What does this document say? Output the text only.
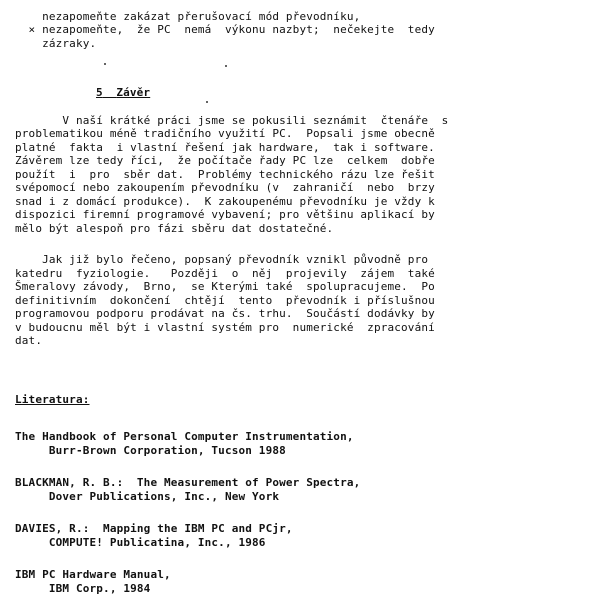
nezapomeňte zakázat přerušovací mód převodníku,
× nezapomeňte,  že PC  nemá  výkonu nazbyt;  nečekejte  tedy
zázraky.
5 Závěr
V naší krátké práci jsme se pokusili seznámit  čtenáře  s
problematikou méně tradičního využití PC.  Popsali jsme obecně
platné  fakta  i vlastní řešení jak hardware,  tak i software.
Závěrem lze tedy říci,  že počítače řady PC lze  celkem  dobře
použít  i  pro  sběr dat.  Problémy technického rázu lze řešit
svépomocí nebo zakoupením převodníku (v  zahraničí  nebo  brzy
snad i z domácí produkce).  K zakoupenému převodníku je vždy k
dispozici firemní programové vybavení; pro většinu aplikací by
mělo být alespoň pro fázi sběru dat dostatečné.
Jak již bylo řečeno, popsaný převodník vznikl původně pro
katedru  fyziologie.   Později  o  něj  projevily  zájem  také
Šmeralovy závody,  Brno,  se Kterými také  spolupracujeme.  Po
definitivním  dokončení  chtějí  tento  převodník i příslušnou
programovou podporu prodávat na čs. trhu.  Součástí dodávky by
v budoucnu měl být i vlastní systém pro  numerické  zpracování
dat.
Literatura:
The Handbook of Personal Computer Instrumentation,
Burr-Brown Corporation, Tucson 1988
BLACKMAN, R. B.:  The Measurement of Power Spectra,
Dover Publications, Inc., New York
DAVIES, R.:  Mapping the IBM PC and PCjr,
COMPUTE! Publicatina, Inc., 1986
IBM PC Hardware Manual,
IBM Corp., 1984
